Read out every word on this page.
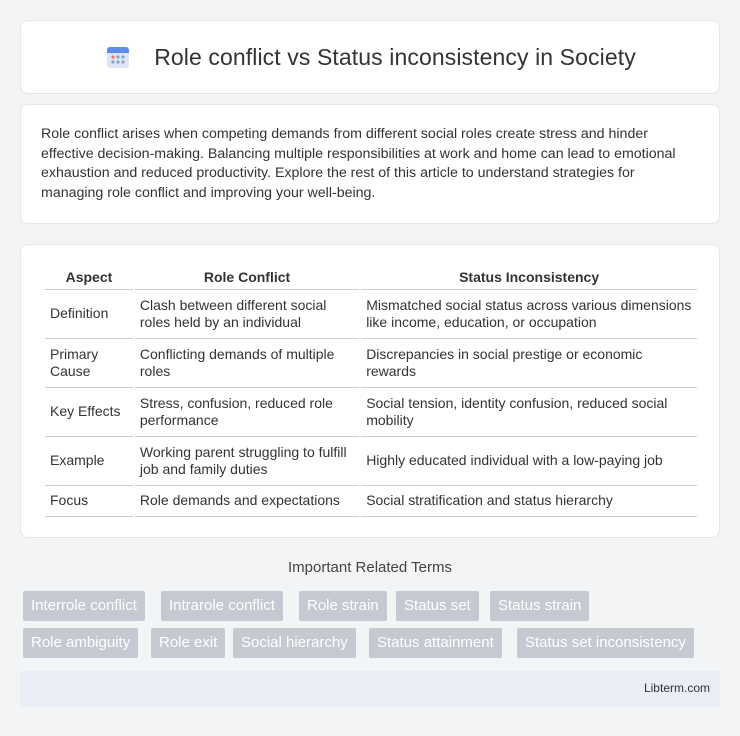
Role conflict vs Status inconsistency in Society

Role conflict arises when competing demands from different social roles create stress and hinder effective decision-making. Balancing multiple responsibilities at work and home can lead to emotional exhaustion and reduced productivity. Explore the rest of this article to understand strategies for managing role conflict and improving your well-being.

Aspect	Role Conflict	Status Inconsistency
Definition	Clash between different social roles held by an individual	Mismatched social status across various dimensions like income, education, or occupation
Primary Cause	Conflicting demands of multiple roles	Discrepancies in social prestige or economic rewards
Key Effects	Stress, confusion, reduced role performance	Social tension, identity confusion, reduced social mobility
Example	Working parent struggling to fulfill job and family duties	Highly educated individual with a low-paying job
Focus	Role demands and expectations	Social stratification and status hierarchy
Important Related Terms
Interrole conflict	Intrarole conflict	Role strain	Status set	Status strain
Role ambiguity	Role exit	Social hierarchy	Status attainment	Status set inconsistency
Libterm.com
